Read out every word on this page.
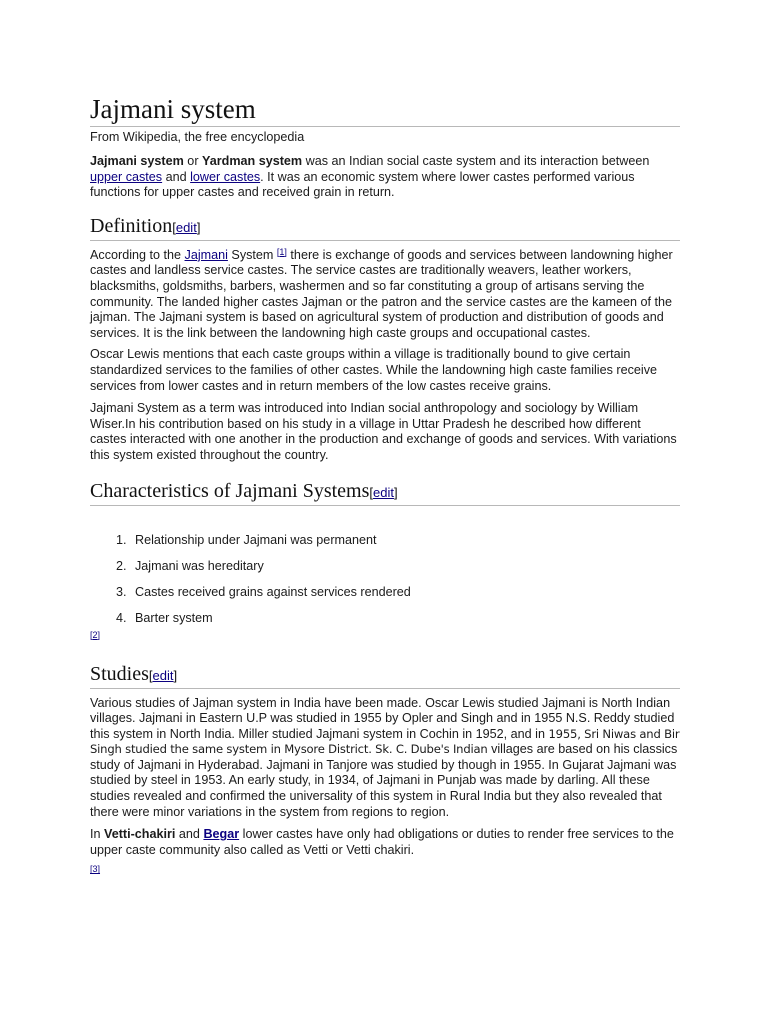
Jajmani system
From Wikipedia, the free encyclopedia

Jajmani system or Yardman system was an Indian social caste system and its interaction between upper castes and lower castes. It was an economic system where lower castes performed various functions for upper castes and received grain in return.

Definition[edit]

According to the Jajmani System [1] there is exchange of goods and services between landowning higher castes and landless service castes. The service castes are traditionally weavers, leather workers, blacksmiths, goldsmiths, barbers, washermen and so far constituting a group of artisans serving the community. The landed higher castes Jajman or the patron and the service castes are the kameen of the jajman. The Jajmani system is based on agricultural system of production and distribution of goods and services. It is the link between the landowning high caste groups and occupational castes.

Oscar Lewis mentions that each caste groups within a village is traditionally bound to give certain standardized services to the families of other castes. While the landowning high caste families receive services from lower castes and in return members of the low castes receive grains.

Jajmani System as a term was introduced into Indian social anthropology and sociology by William Wiser.In his contribution based on his study in a village in Uttar Pradesh he described how different castes interacted with one another in the production and exchange of goods and services. With variations this system existed throughout the country.

Characteristics of Jajmani Systems[edit]
1. Relationship under Jajmani was permanent
2. Jajmani was hereditary
3. Castes received grains against services rendered
4. Barter system

[2]

Studies[edit]

Various studies of Jajman system in India have been made. Oscar Lewis studied Jajmani is North Indian villages. Jajmani in Eastern U.P was studied in 1955 by Opler and Singh and in 1955 N.S. Reddy studied this system in North India. Miller studied Jajmani system in Cochin in 1952, and in 1955, Sri Niwas and Bir Singh studied the same system in Mysore District. Sk. C. Dube's Indian villages are based on his classics study of Jajmani in Hyderabad. Jajmani in Tanjore was studied by though in 1955. In Gujarat Jajmani was studied by steel in 1953. An early study, in 1934, of Jajmani in Punjab was made by darling. All these studies revealed and confirmed the universality of this system in Rural India but they also revealed that there were minor variations in the system from regions to region.

In Vetti-chakiri and Begar lower castes have only had obligations or duties to render free services to the upper caste community also called as Vetti or Vetti chakiri.

[3]
